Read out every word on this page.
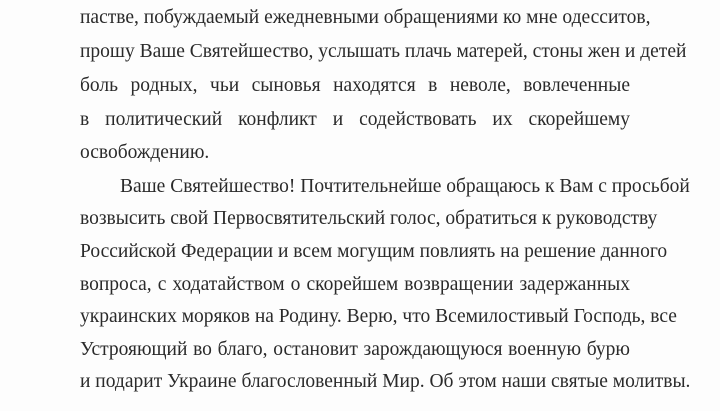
пастве, побуждаемый ежедневными обращениями ко мне одесситов,
прошу Ваше Святейшество, услышать плачь матерей, стоны жен и детей
боль родных, чьи сыновья находятся в неволе, вовлеченные
в политический конфликт и содействовать их скорейшему
освобождению.
Ваше Святейшество! Почтительнейше обращаюсь к Вам с просьбой
возвысить свой Первосвятительский голос, обратиться к руководству
Российской Федерации и всем могущим повлиять на решение данного
вопроса, с ходатайством о скорейшем возвращении задержанных
украинских моряков на Родину. Верю, что Всемилостивый Господь, все
Устрояющий во благо, остановит зарождающуюся военную бурю
и подарит Украине благословенный Мир. Об этом наши святые молитвы.
